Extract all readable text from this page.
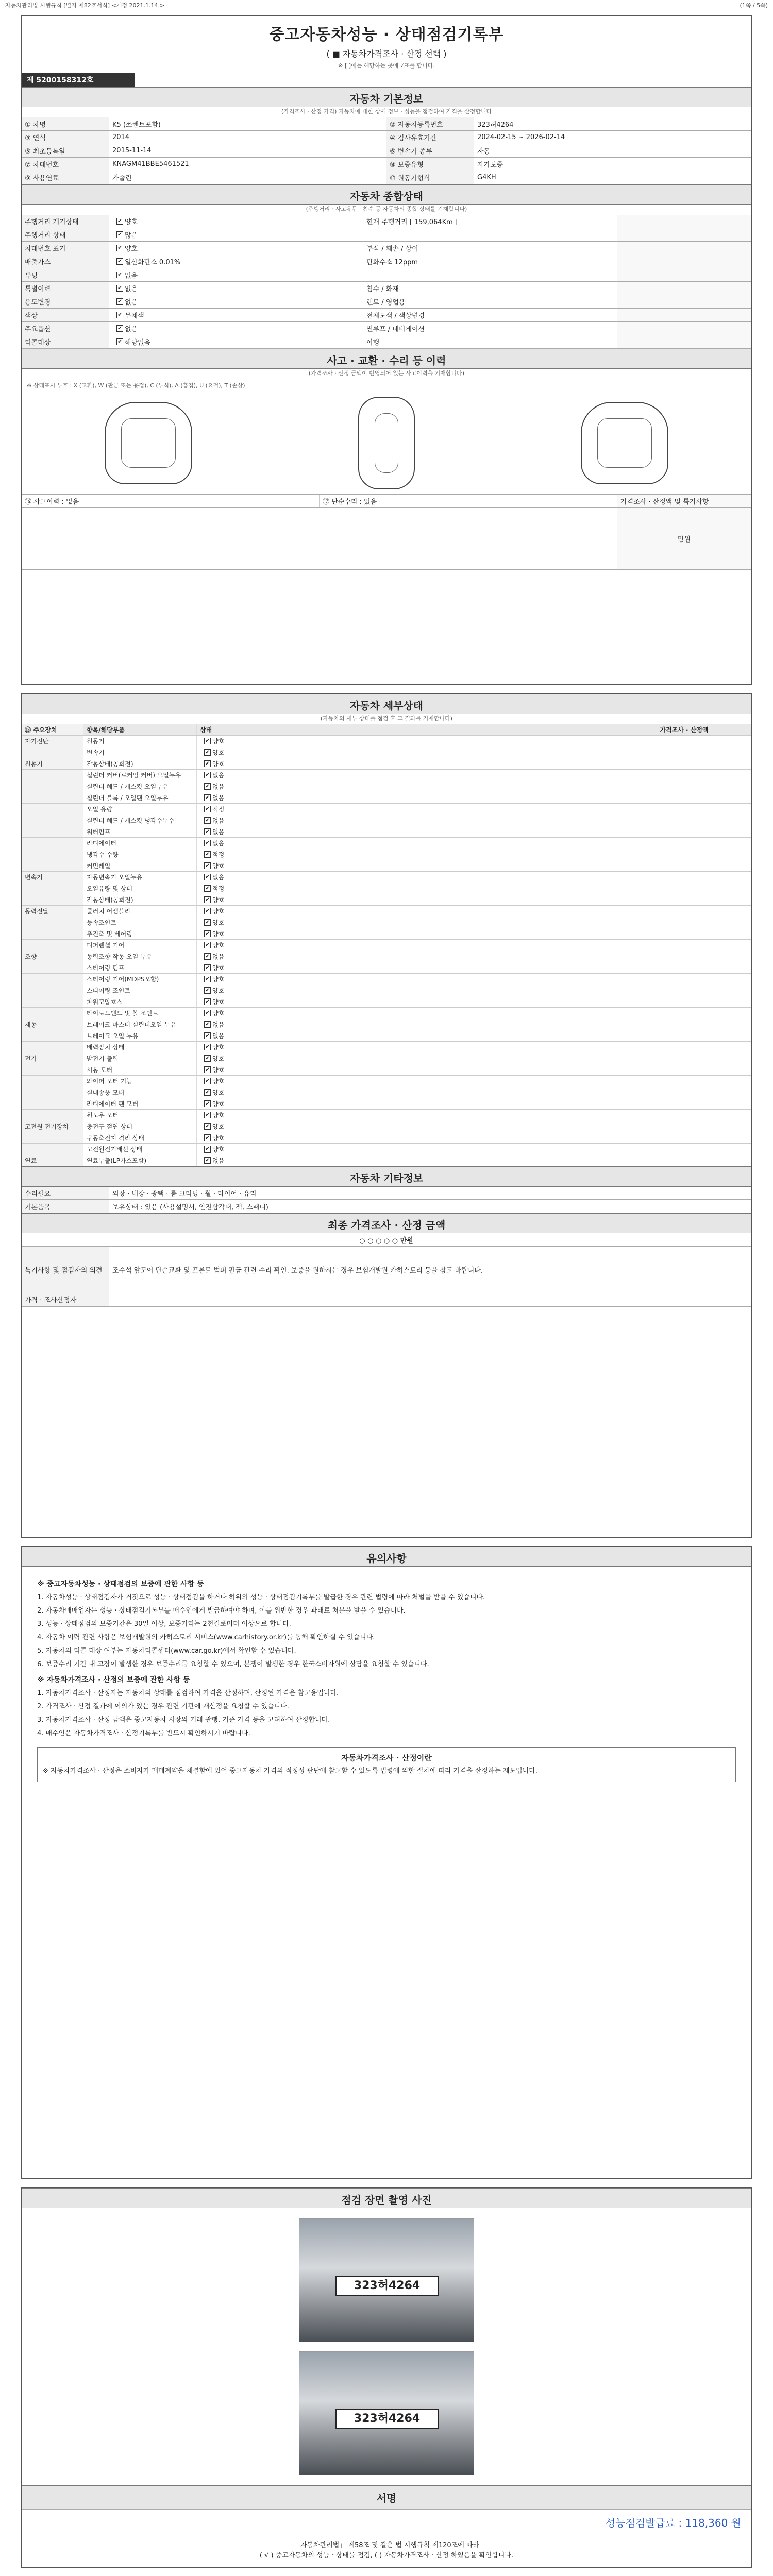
자동차관리법 시행규칙 [별지 제82호서식] <개정 2021.1.14.>	(1쪽 / 5쪽)
중고자동차성능 · 상태점검기록부
( ■ 자동차가격조사 · 산정 선택 )
※ [ ]에는 해당하는 곳에 √표를 합니다.
제 5200158312호
자동차 기본정보
(가격조사 · 산정 가격) 자동차에 대한 상세 정보 · 성능을 점검하여 가격을 산정합니다
① 차명	K5 (쏘렌토포함)	② 자동차등록번호	323허4264
③ 연식	2014	④ 검사유효기간	2024-02-15 ~ 2026-02-14
⑤ 최초등록일	2015-11-14	⑥ 변속기 종류	자동
⑦ 차대번호	KNAGM41BBE5461521	⑧ 보증유형	자가보증
⑨ 사용연료	가솔린	⑩ 원동기형식	G4KH
자동차 종합상태
(주행거리 · 사고유무 · 침수 등 자동차의 종합 상태를 기재합니다)
주행거리 계기상태 ✔	양호	현재 주행거리 [ 159,064Km ]
주행거리 상태 ✔	많음
차대번호 표기 ✔	양호	부식 / 훼손 / 상이
배출가스 ✔	일산화탄소 0.01%	탄화수소 12ppm
튜닝 ✔	없음
특별이력 ✔	없음	침수 / 화재
용도변경 ✔	없음	렌트 / 영업용
색상 ✔	무채색	전체도색 / 색상변경
주요옵션 ✔	없음	썬루프 / 네비게이션
리콜대상 ✔	해당없음	이행
사고 · 교환 · 수리 등 이력
(가격조사 · 산정 금액이 반영되어 있는 사고이력을 기재합니다)
※ 상태표시 부호 : X (교환), W (판금 또는 용접), C (부식), A (흠집), U (요철), T (손상)
⑯ 사고이력 : 없음	⑰ 단순수리 : 있음	가격조사 · 산정액 및 특기사항
만원
자동차 세부상태
(자동차의 세부 상태를 점검 후 그 결과를 기재합니다)
⑱ 주요장치	항목/해당부품	상태	가격조사 · 산정액
자기진단	원동기 ✔	양호
변속기 ✔	양호
원동기	작동상태(공회전) ✔	양호
실린더 커버(로커암 커버) 오일누유 ✔	없음
실린더 헤드 / 개스킷 오일누유 ✔	없음
실린더 블록 / 오일팬 오일누유 ✔	없음
오일 유량 ✔	적정
실린더 헤드 / 개스킷 냉각수누수 ✔	없음
워터펌프 ✔	없음
라디에이터 ✔	없음
냉각수 수량 ✔	적정
커먼레일 ✔	양호
변속기	자동변속기 오일누유 ✔	없음
오일유량 및 상태 ✔	적정
작동상태(공회전) ✔	양호
동력전달	클러치 어셈블리 ✔	양호
등속조인트 ✔	양호
추진축 및 베어링 ✔	양호
디퍼렌셜 기어 ✔	양호
조향	동력조향 작동 오일 누유 ✔	없음
스티어링 펌프 ✔	양호
스티어링 기어(MDPS포함) ✔	양호
스티어링 조인트 ✔	양호
파워고압호스 ✔	양호
타이로드엔드 및 볼 조인트 ✔	양호
제동	브레이크 마스터 실린더오일 누유 ✔	없음
브레이크 오일 누유 ✔	없음
배력장치 상태 ✔	양호
전기	발전기 출력 ✔	양호
시동 모터 ✔	양호
와이퍼 모터 기능 ✔	양호
실내송풍 모터 ✔	양호
라디에이터 팬 모터 ✔	양호
윈도우 모터 ✔	양호
고전원 전기장치	충전구 절연 상태 ✔	양호
구동축전지 격리 상태 ✔	양호
고전원전기배선 상태 ✔	양호
연료	연료누출(LP가스포함) ✔	없음
자동차 기타정보
수리필요	외장 · 내장 · 광택 · 룸 크리닝 · 휠 · 타이어 · 유리
기본품목	보유상태 : 있음 (사용설명서, 안전삼각대, 잭, 스패너)
최종 가격조사 · 산정 금액
○ ○ ○ ○ ○ 만원
특기사항 및 점검자의 의견	조수석 앞도어 단순교환 및 프론트 범퍼 판금 관련 수리 확인. 보증을 원하시는 경우 보험개발원 카히스토리 등을 참고 바랍니다.
가격 · 조사산정자
유의사항
※ 중고자동차성능 · 상태점검의 보증에 관한 사항 등

1. 자동차성능 · 상태점검자가 거짓으로 성능 · 상태점검을 하거나 허위의 성능 · 상태점검기록부를 발급한 경우 관련 법령에 따라 처벌을 받을 수 있습니다.

2. 자동차매매업자는 성능 · 상태점검기록부를 매수인에게 발급하여야 하며, 이를 위반한 경우 과태료 처분을 받을 수 있습니다.

3. 성능 · 상태점검의 보증기간은 30일 이상, 보증거리는 2천킬로미터 이상으로 합니다.

4. 자동차 이력 관련 사항은 보험개발원의 카히스토리 서비스(www.carhistory.or.kr)를 통해 확인하실 수 있습니다.

5. 자동차의 리콜 대상 여부는 자동차리콜센터(www.car.go.kr)에서 확인할 수 있습니다.

6. 보증수리 기간 내 고장이 발생한 경우 보증수리를 요청할 수 있으며, 분쟁이 발생한 경우 한국소비자원에 상담을 요청할 수 있습니다.

※ 자동차가격조사 · 산정의 보증에 관한 사항 등

1. 자동차가격조사 · 산정자는 자동차의 상태를 점검하여 가격을 산정하며, 산정된 가격은 참고용입니다.

2. 가격조사 · 산정 결과에 이의가 있는 경우 관련 기관에 재산정을 요청할 수 있습니다.

3. 자동차가격조사 · 산정 금액은 중고자동차 시장의 거래 관행, 기준 가격 등을 고려하여 산정합니다.

4. 매수인은 자동차가격조사 · 산정기록부를 반드시 확인하시기 바랍니다.

자동차가격조사 · 산정이란
※ 자동차가격조사 · 산정은 소비자가 매매계약을 체결함에 있어 중고자동차 가격의 적정성 판단에 참고할 수 있도록 법령에 의한 절차에 따라 가격을 산정하는 제도입니다.
점검 장면 촬영 사진
323허4264
323허4264
서명
성능점검발급료 : 118,360 원
「자동차관리법」 제58조 및 같은 법 시행규칙 제120조에 따라
( √ ) 중고자동차의 성능 · 상태를 점검, ( ) 자동차가격조사 · 산정 하였음을 확인합니다.
